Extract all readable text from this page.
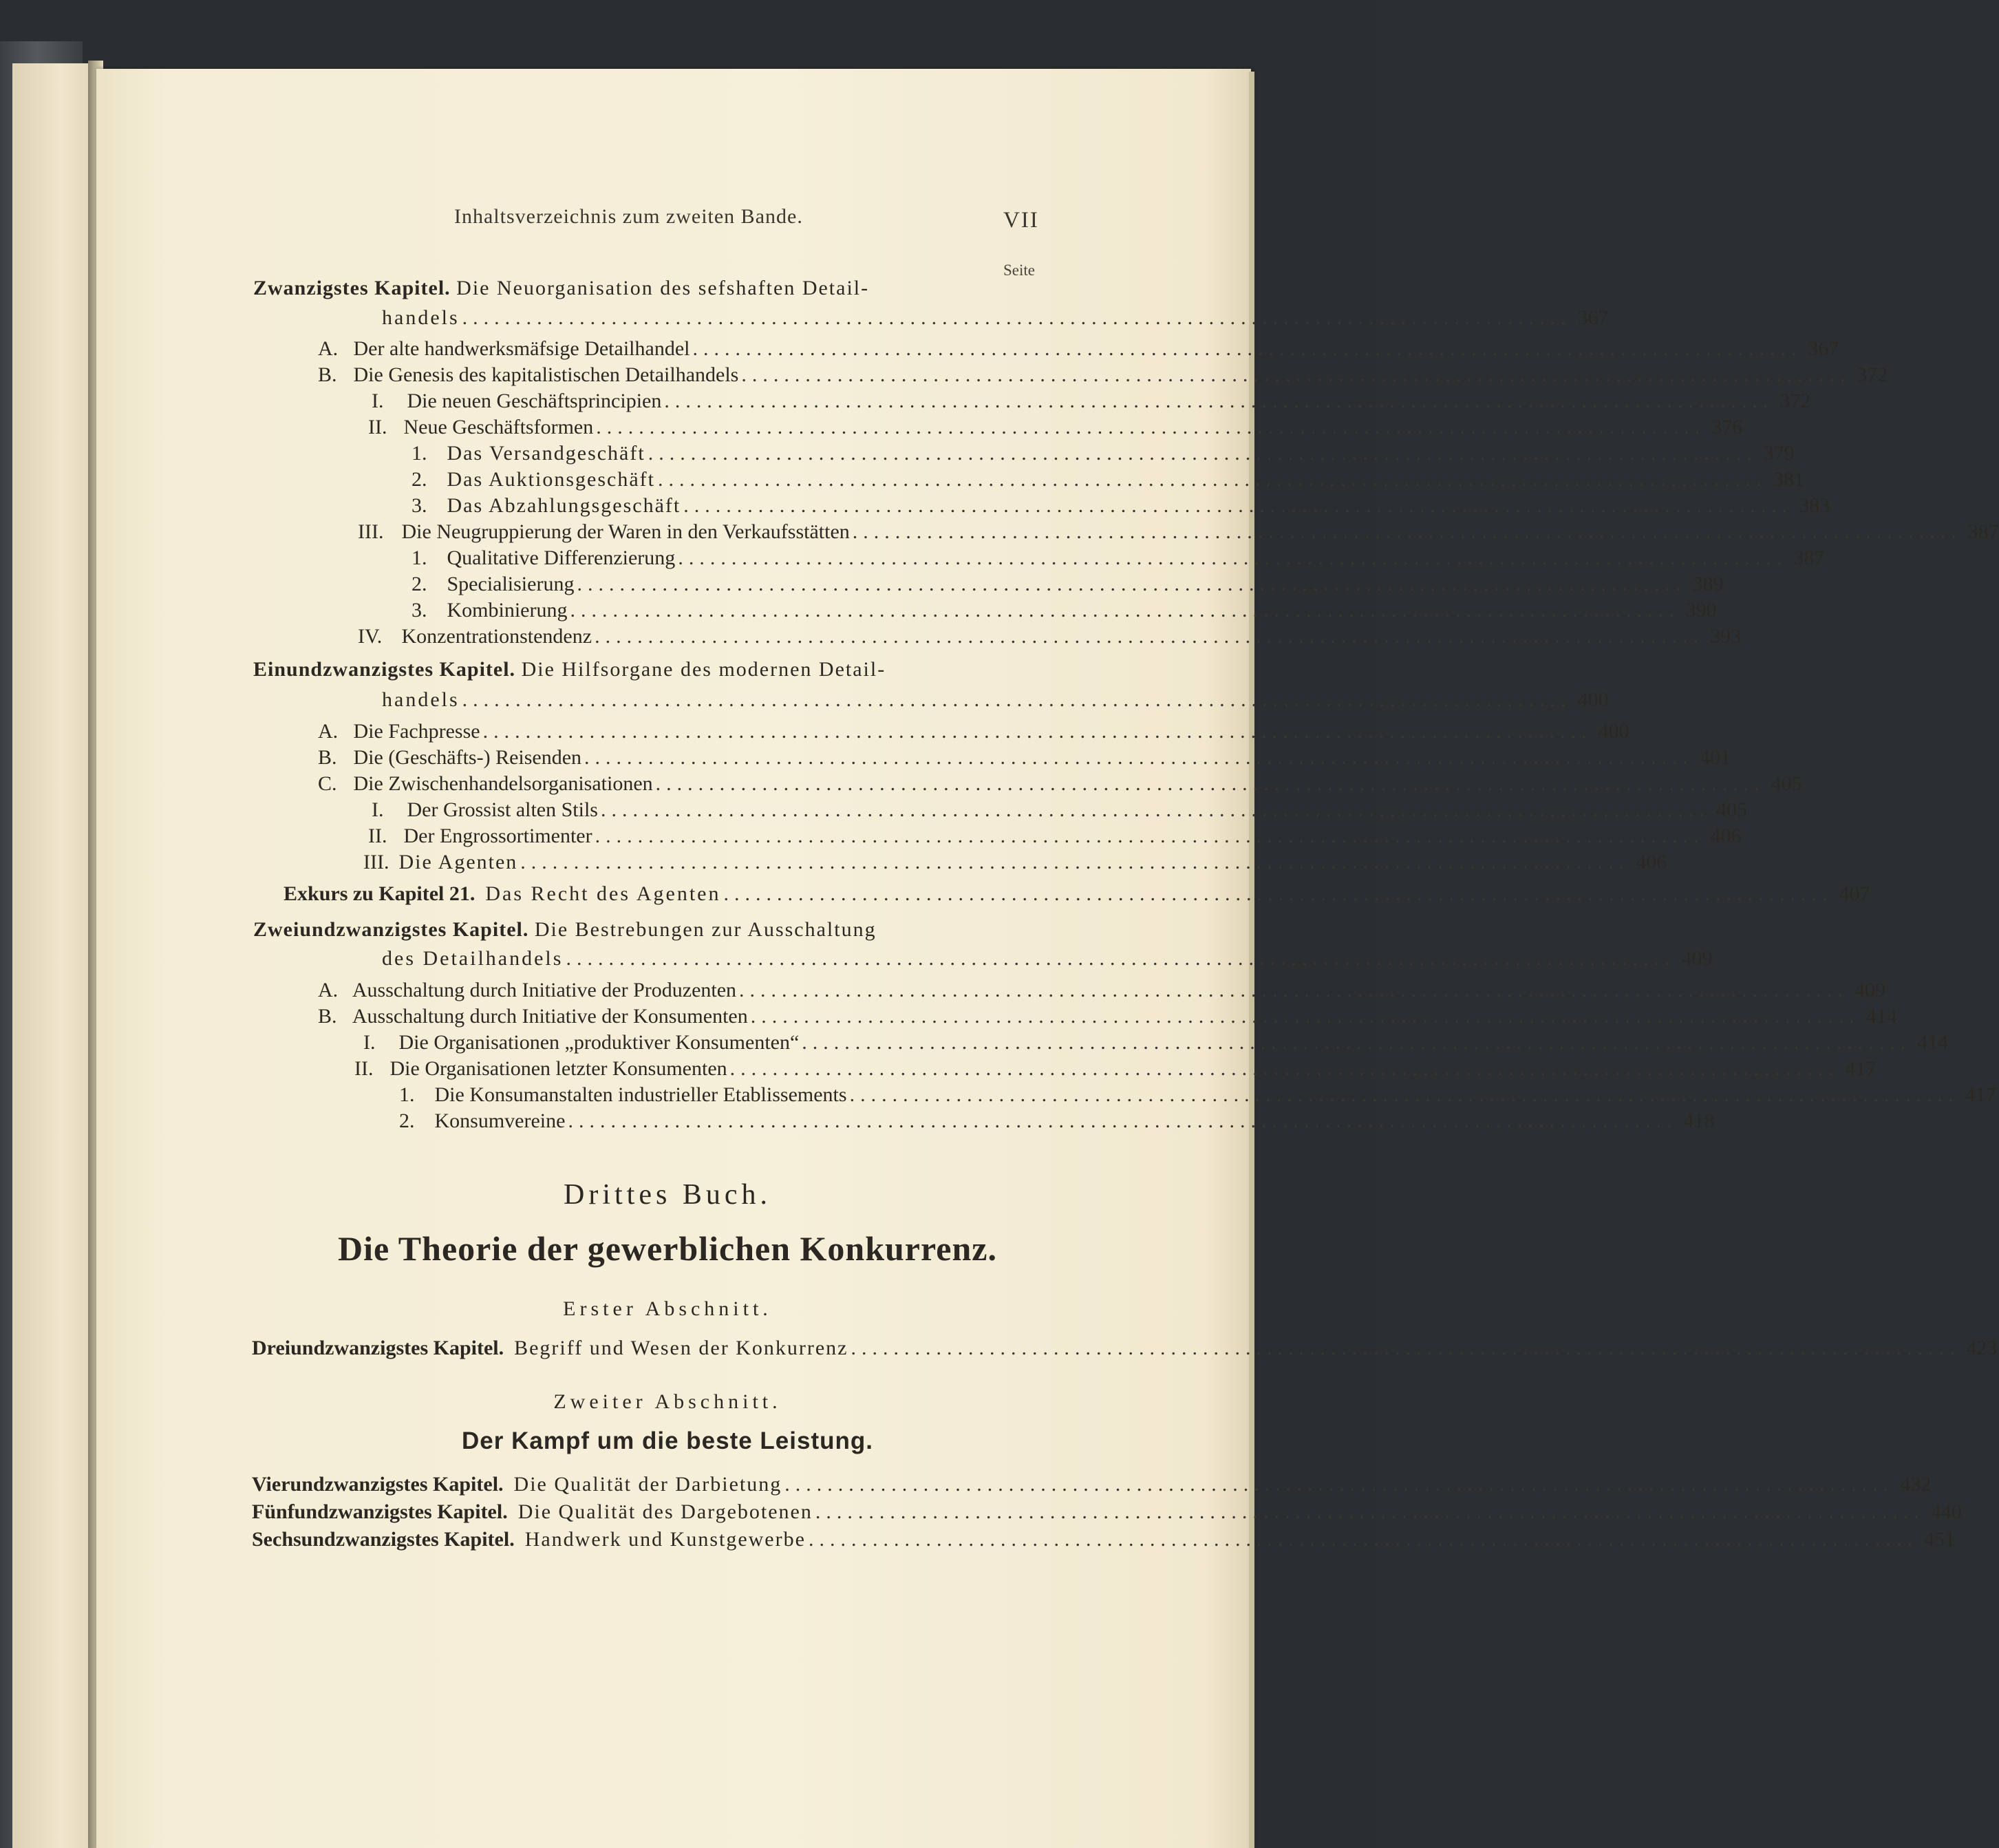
Inhaltsverzeichnis zum zweiten Bande.	VII
Seite
Zwanzigstes Kapitel. Die Neuorganisation des sefshaften Detail-
handels ........................................................................................................ 367
A. Der alte handwerksmäfsige Detailhandel ........................................................................................................ 367
B. Die Genesis des kapitalistischen Detailhandels ........................................................................................................ 372
I. Die neuen Geschäftsprincipien ........................................................................................................ 372
II. Neue Geschäftsformen ........................................................................................................ 376
1. Das Versandgeschäft ........................................................................................................ 379
2. Das Auktionsgeschäft ........................................................................................................ 381
3. Das Abzahlungsgeschäft ........................................................................................................ 383
III. Die Neugruppierung der Waren in den Verkaufsstätten ........................................................................................................ 387
1. Qualitative Differenzierung ........................................................................................................ 387
2. Specialisierung ........................................................................................................ 389
3. Kombinierung ........................................................................................................ 390
IV. Konzentrationstendenz ........................................................................................................ 393
Einundzwanzigstes Kapitel. Die Hilfsorgane des modernen Detail-
handels ........................................................................................................ 400
A. Die Fachpresse ........................................................................................................ 400
B. Die (Geschäfts-) Reisenden ........................................................................................................ 401
C. Die Zwischenhandelsorganisationen ........................................................................................................ 405
I. Der Grossist alten Stils ........................................................................................................ 405
II. Der Engrossortimenter ........................................................................................................ 406
III. Die Agenten ........................................................................................................ 406
Exkurs zu Kapitel 21. Das Recht des Agenten ........................................................................................................ 407
Zweiundzwanzigstes Kapitel. Die Bestrebungen zur Ausschaltung
des Detailhandels ........................................................................................................ 409
A. Ausschaltung durch Initiative der Produzenten ........................................................................................................ 409
B. Ausschaltung durch Initiative der Konsumenten ........................................................................................................ 414
I. Die Organisationen „produktiver Konsumenten“ ........................................................................................................ 414
II. Die Organisationen letzter Konsumenten ........................................................................................................ 417
1. Die Konsumanstalten industrieller Etablissements ........................................................................................................ 417
2. Konsumvereine ........................................................................................................ 418
Drittes Buch.
Die Theorie der gewerblichen Konkurrenz.
Erster Abschnitt.
Dreiundzwanzigstes Kapitel. Begriff und Wesen der Konkurrenz ........................................................................................................ 423
Zweiter Abschnitt.
Der Kampf um die beste Leistung.
Vierundzwanzigstes Kapitel. Die Qualität der Darbietung ........................................................................................................ 432
Fünfundzwanzigstes Kapitel. Die Qualität des Dargebotenen ........................................................................................................ 440
Sechsundzwanzigstes Kapitel. Handwerk und Kunstgewerbe ........................................................................................................ 451
